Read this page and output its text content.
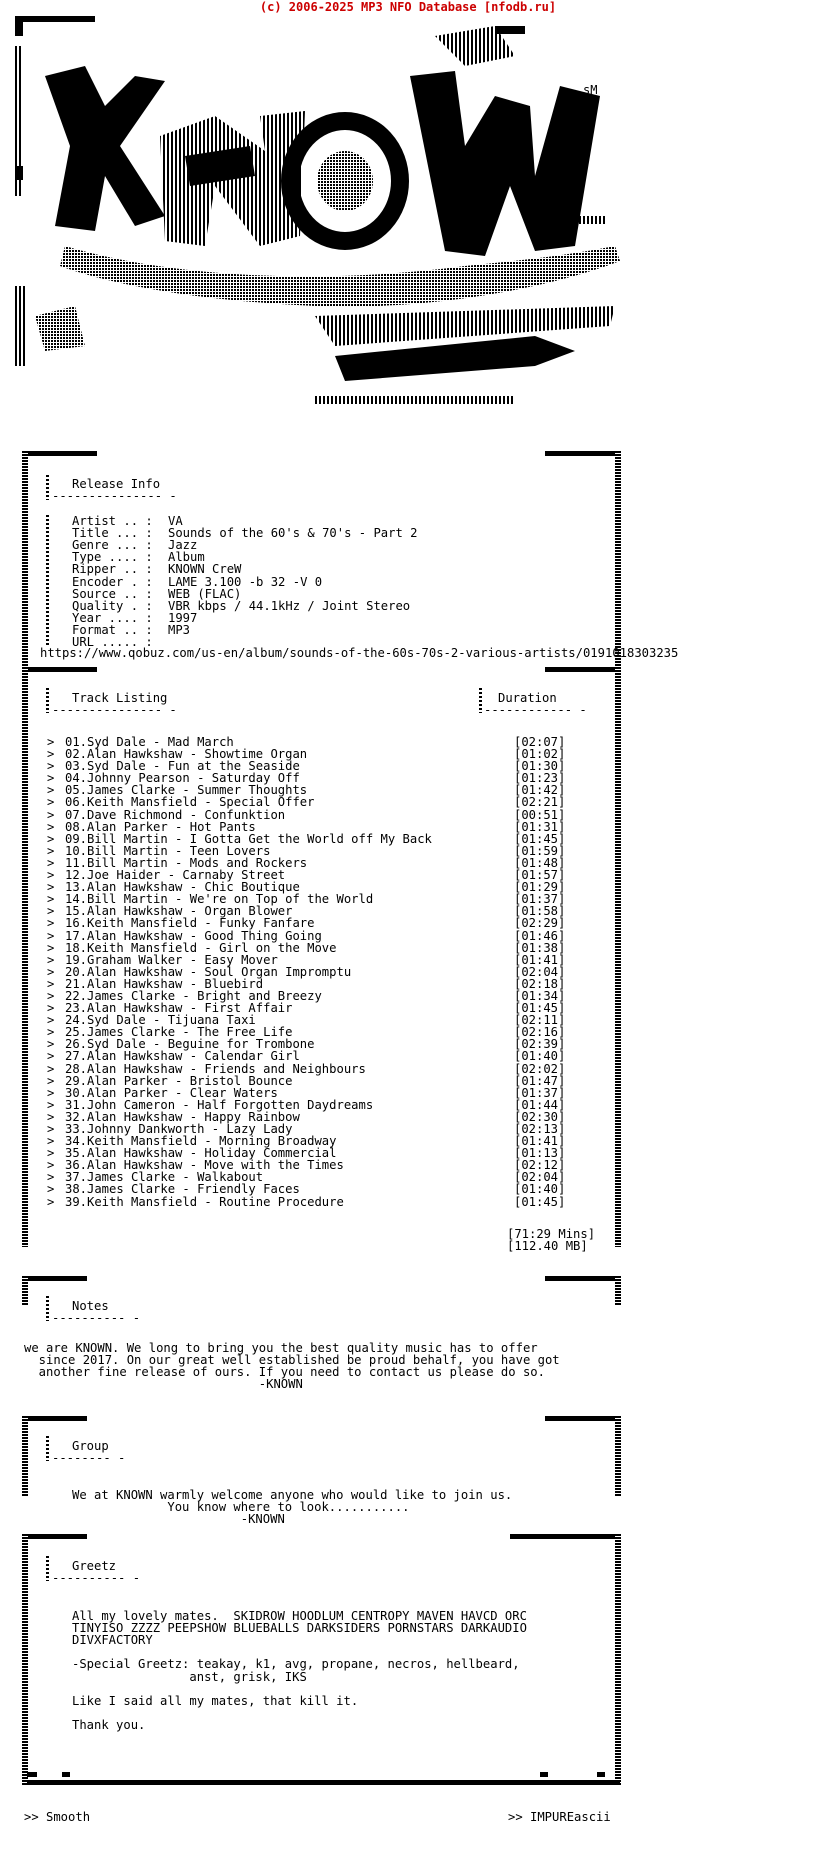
(c) 2006-2025 MP3 NFO Database [nfodb.ru]
sM
Release Info
--------------- -
Artist .. : VA
Title ... : Sounds of the 60's & 70's - Part 2
Genre ... : Jazz
Type .... : Album
Ripper .. : KNOWN CreW
Encoder . : LAME 3.100 -b 32 -V 0
Source .. : WEB (FLAC)
Quality . : VBR kbps / 44.1kHz / Joint Stereo
Year .... : 1997
Format .. : MP3
URL ..... :
https://www.qobuz.com/us-en/album/sounds-of-the-60s-70s-2-various-artists/0191018303235
Track Listing
--------------- -
Duration
------------ -
> 01.Syd Dale - Mad March	[02:07]
> 02.Alan Hawkshaw - Showtime Organ	[01:02]
> 03.Syd Dale - Fun at the Seaside	[01:30]
> 04.Johnny Pearson - Saturday Off	[01:23]
> 05.James Clarke - Summer Thoughts	[01:42]
> 06.Keith Mansfield - Special Offer	[02:21]
> 07.Dave Richmond - Confunktion	[00:51]
> 08.Alan Parker - Hot Pants	[01:31]
> 09.Bill Martin - I Gotta Get the World off My Back	[01:45]
> 10.Bill Martin - Teen Lovers	[01:59]
> 11.Bill Martin - Mods and Rockers	[01:48]
> 12.Joe Haider - Carnaby Street	[01:57]
> 13.Alan Hawkshaw - Chic Boutique	[01:29]
> 14.Bill Martin - We're on Top of the World	[01:37]
> 15.Alan Hawkshaw - Organ Blower	[01:58]
> 16.Keith Mansfield - Funky Fanfare	[02:29]
> 17.Alan Hawkshaw - Good Thing Going	[01:46]
> 18.Keith Mansfield - Girl on the Move	[01:38]
> 19.Graham Walker - Easy Mover	[01:41]
> 20.Alan Hawkshaw - Soul Organ Impromptu	[02:04]
> 21.Alan Hawkshaw - Bluebird	[02:18]
> 22.James Clarke - Bright and Breezy	[01:34]
> 23.Alan Hawkshaw - First Affair	[01:45]
> 24.Syd Dale - Tijuana Taxi	[02:11]
> 25.James Clarke - The Free Life	[02:16]
> 26.Syd Dale - Beguine for Trombone	[02:39]
> 27.Alan Hawkshaw - Calendar Girl	[01:40]
> 28.Alan Hawkshaw - Friends and Neighbours	[02:02]
> 29.Alan Parker - Bristol Bounce	[01:47]
> 30.Alan Parker - Clear Waters	[01:37]
> 31.John Cameron - Half Forgotten Daydreams	[01:44]
> 32.Alan Hawkshaw - Happy Rainbow	[02:30]
> 33.Johnny Dankworth - Lazy Lady	[02:13]
> 34.Keith Mansfield - Morning Broadway	[01:41]
> 35.Alan Hawkshaw - Holiday Commercial	[01:13]
> 36.Alan Hawkshaw - Move with the Times	[02:12]
> 37.James Clarke - Walkabout	[02:04]
> 38.James Clarke - Friendly Faces	[01:40]
> 39.Keith Mansfield - Routine Procedure	[01:45]
[71:29 Mins]
[112.40 MB]
Notes
---------- -
we are KNOWN. We long to bring you the best quality music has to offer
since 2017. On our great well established be proud behalf, you have got
another fine release of ours. If you need to contact us please do so.
-KNOWN
Group
-------- -
We at KNOWN warmly welcome anyone who would like to join us.
You know where to look...........
-KNOWN
Greetz
---------- -
All my lovely mates.  SKIDROW HOODLUM CENTROPY MAVEN HAVCD ORC
TINYISO ZZZZ PEEPSHOW BLUEBALLS DARKSIDERS PORNSTARS DARKAUDIO
DIVXFACTORY
-Special Greetz: teakay, k1, avg, propane, necros, hellbeard,
anst, grisk, IKS
Like I said all my mates, that kill it.
Thank you.
>> Smooth	>> IMPUREascii
